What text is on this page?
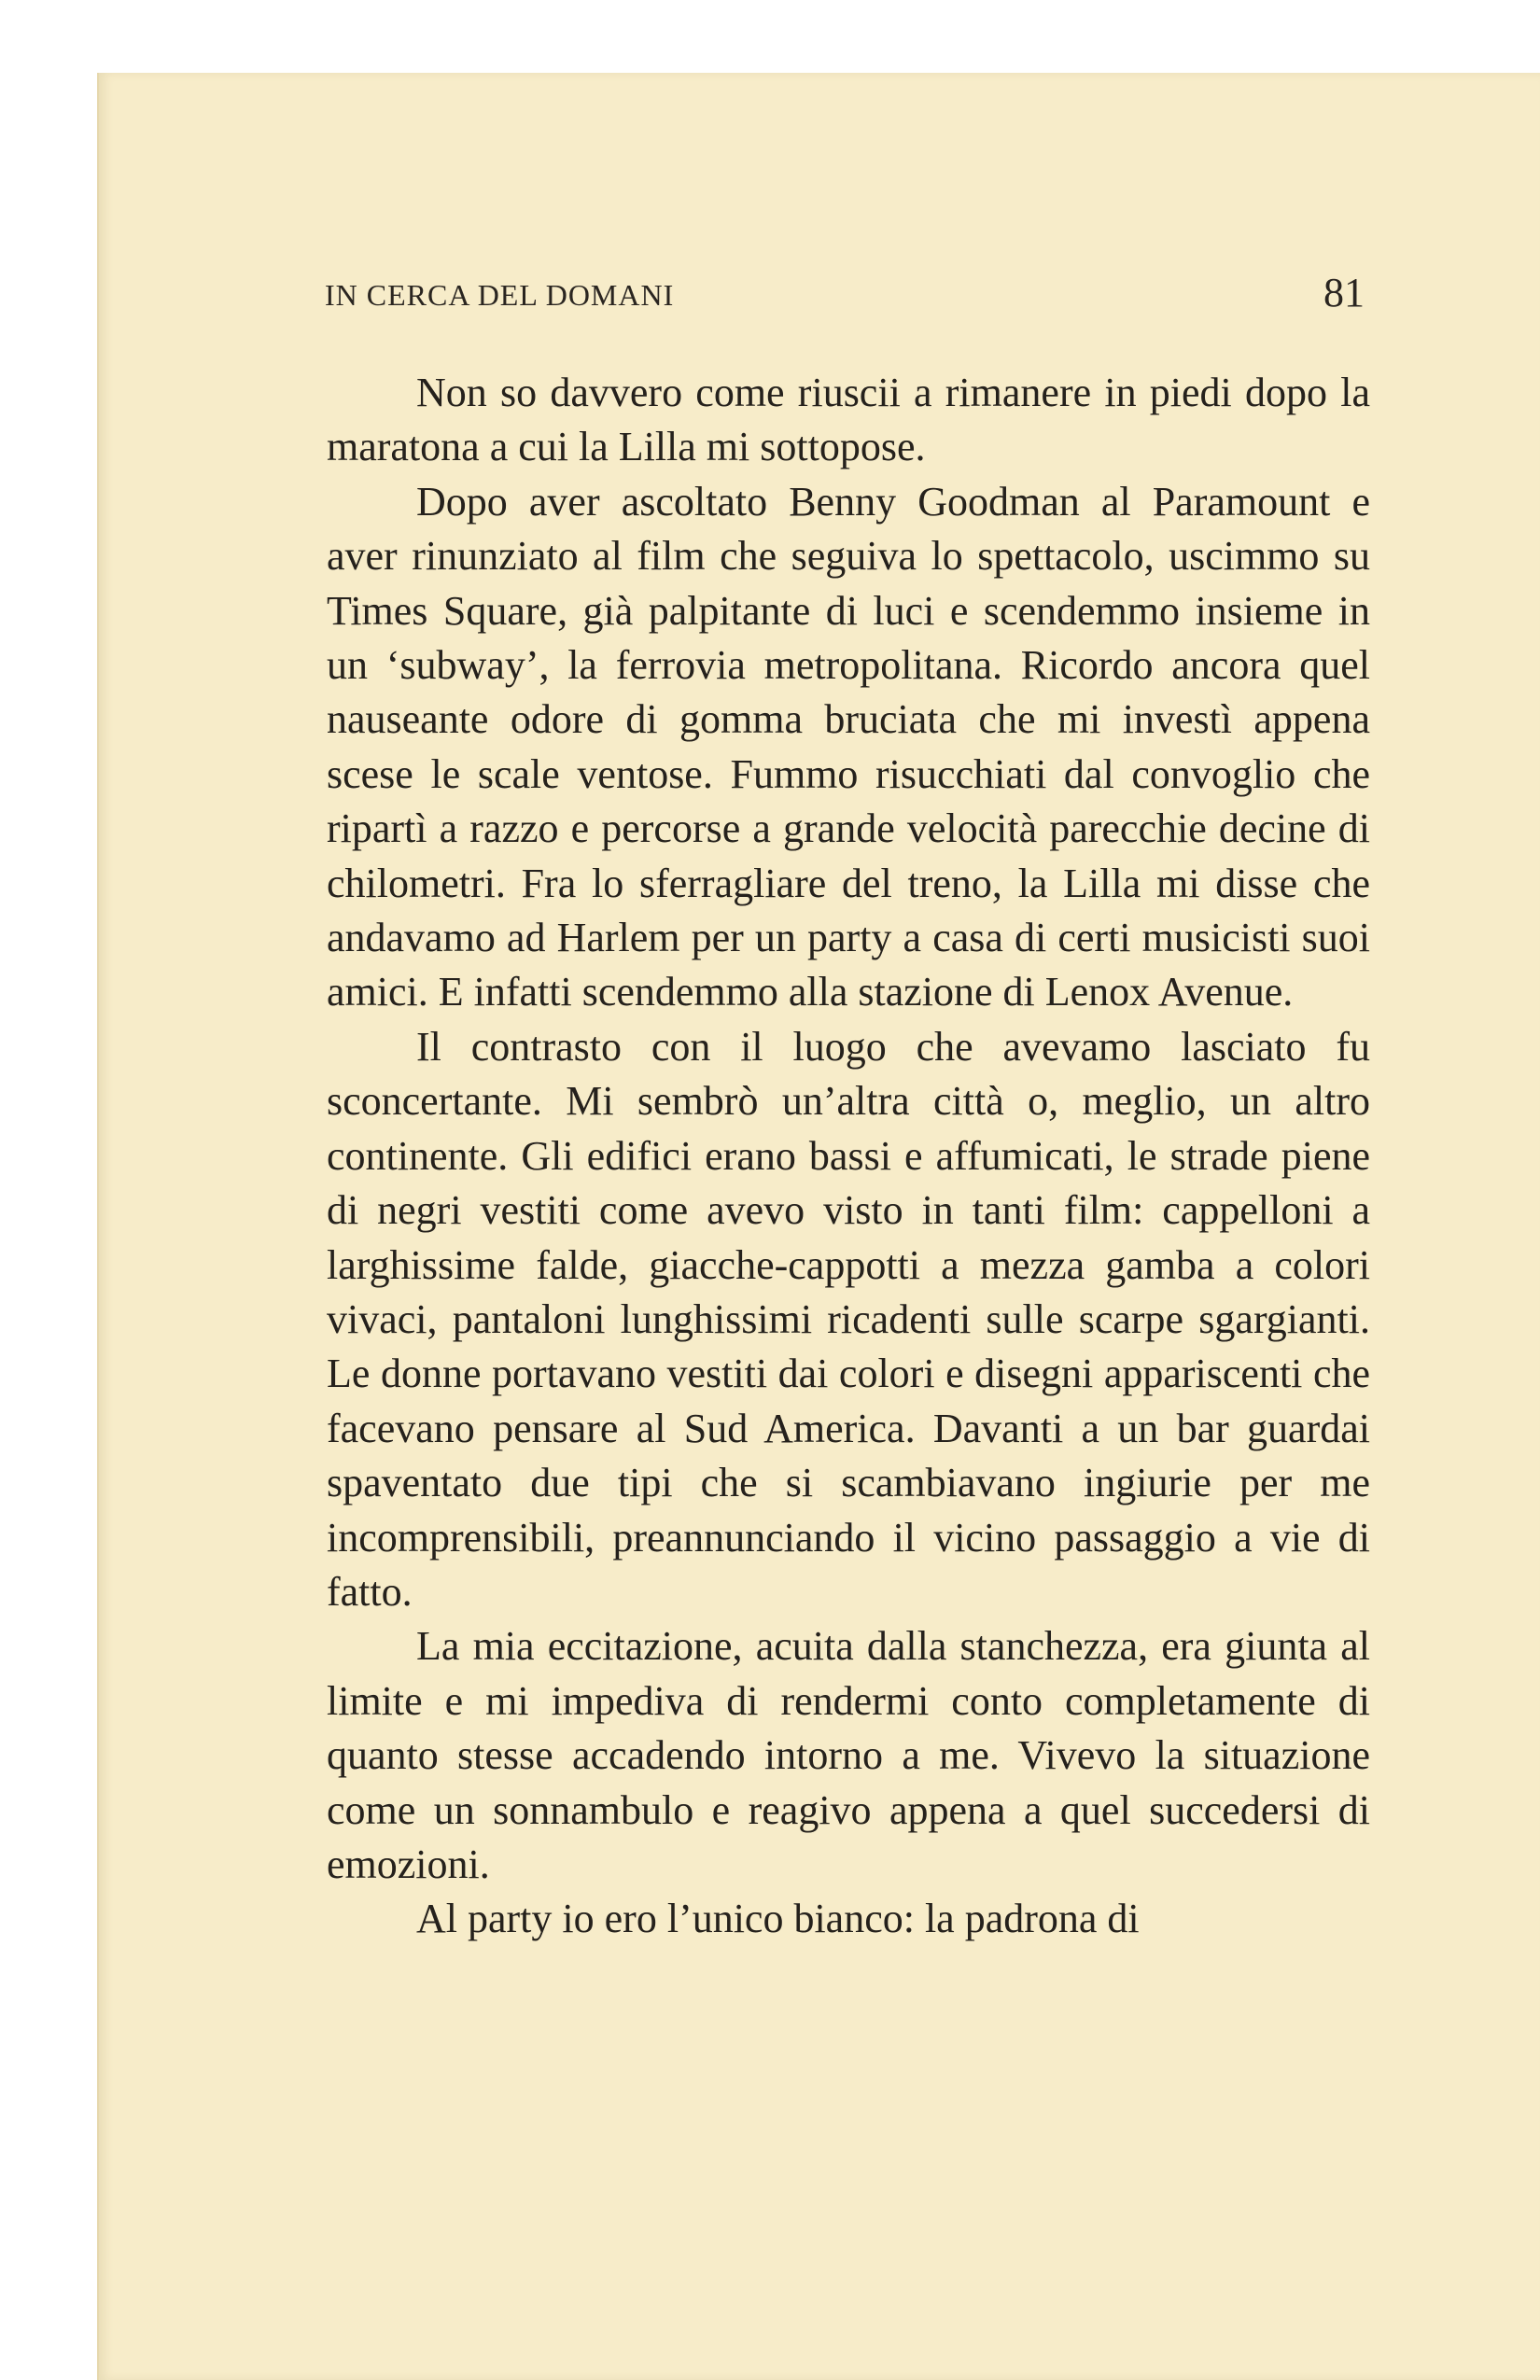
IN CERCA DEL DOMANI	81

Non so davvero come riuscii a rimanere in piedi dopo la maratona a cui la Lilla mi sottopose.

Dopo aver ascoltato Benny Goodman al Paramount e aver rinunziato al film che seguiva lo spettacolo, uscimmo su Times Square, già palpitante di luci e scendemmo insieme in un ‘subway’, la ferrovia metropolitana. Ricordo ancora quel nauseante odore di gomma bruciata che mi investì appena scese le scale ventose. Fummo risucchiati dal convoglio che ripartì a razzo e percorse a grande velocità parecchie decine di chilometri. Fra lo sferragliare del treno, la Lilla mi disse che andavamo ad Harlem per un party a casa di certi musicisti suoi amici. E infatti scendemmo alla stazione di Lenox Avenue.

Il contrasto con il luogo che avevamo lasciato fu sconcertante. Mi sembrò un’altra città o, meglio, un altro continente. Gli edifici erano bassi e affumicati, le strade piene di negri vestiti come avevo visto in tanti film: cappelloni a larghissime falde, giacche-cappotti a mezza gamba a colori vivaci, pantaloni lunghissimi ricadenti sulle scarpe sgargianti. Le donne portavano vestiti dai colori e disegni appariscenti che facevano pensare al Sud America. Davanti a un bar guardai spaventato due tipi che si scambiavano ingiurie per me incomprensibili, preannunciando il vicino passaggio a vie di fatto.

La mia eccitazione, acuita dalla stanchezza, era giunta al limite e mi impediva di rendermi conto completamente di quanto stesse accadendo intorno a me. Vivevo la situazione come un sonnambulo e reagivo appena a quel succedersi di emozioni.

Al party io ero l’unico bianco: la padrona di
